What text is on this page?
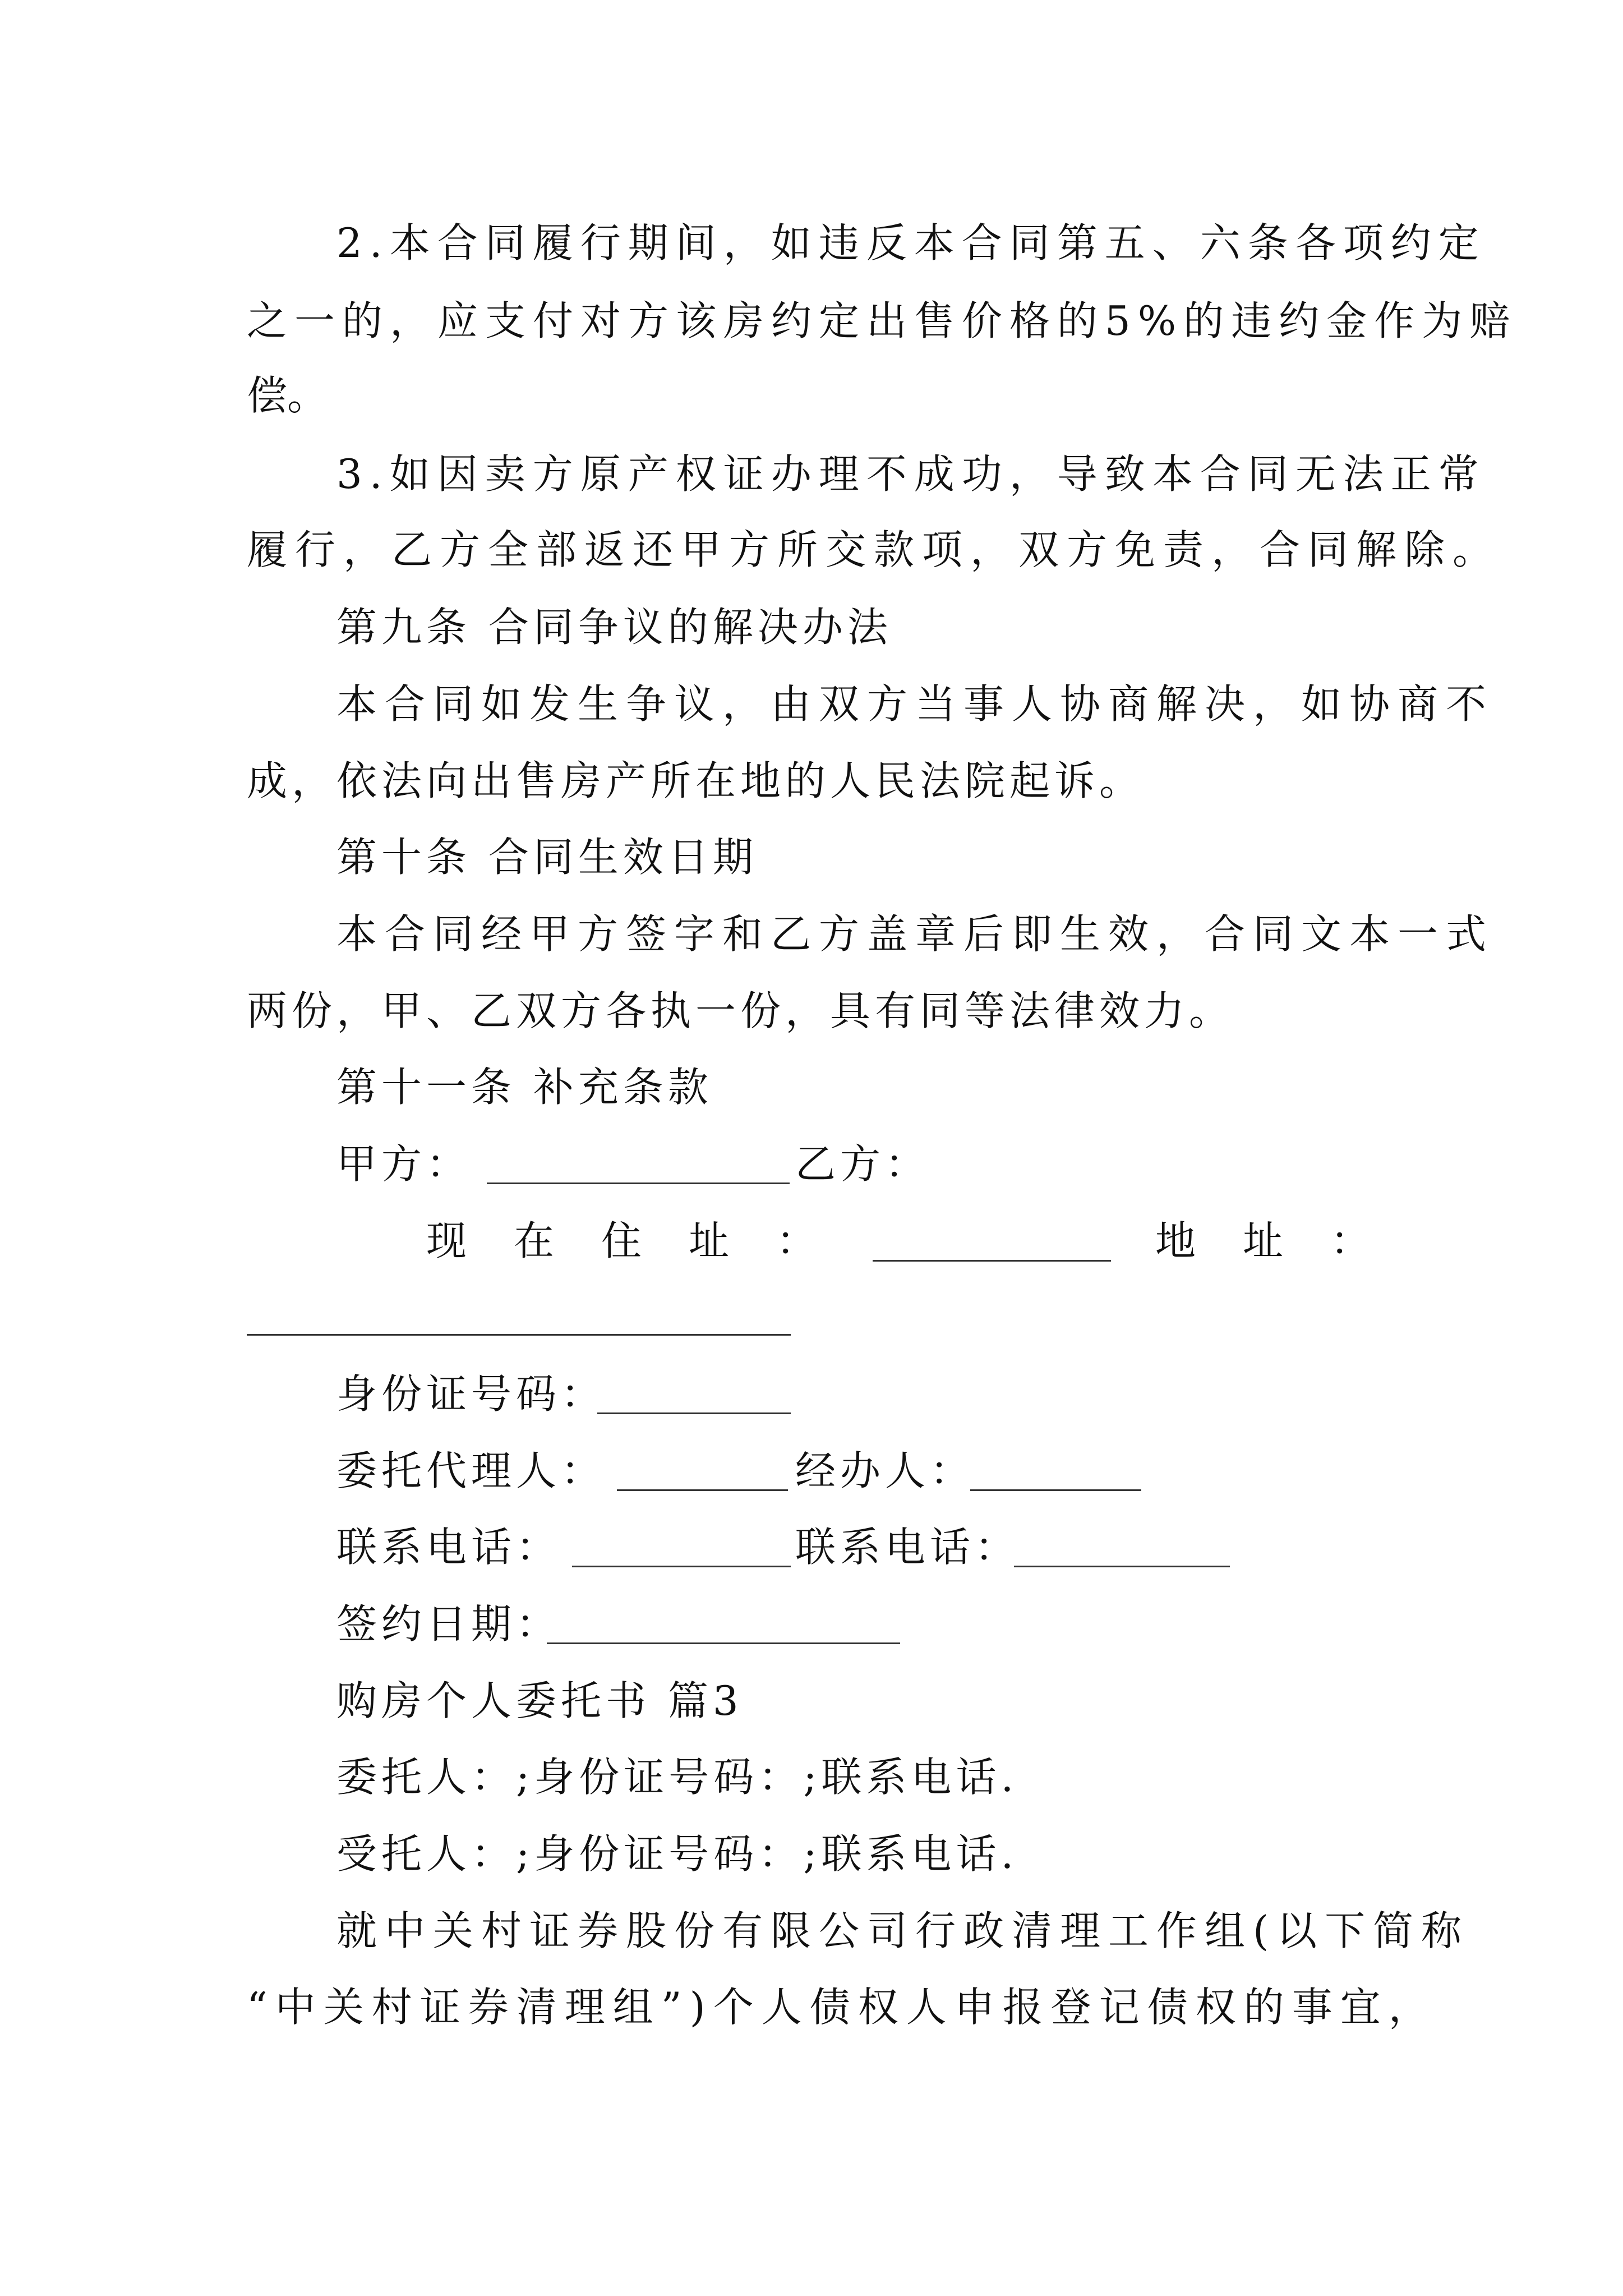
2.本合同履行期间，如违反本合同第五、六条各项约定
之一的，应支付对方该房约定出售价格的5%的违约金作为赔
偿。
3.如因卖方原产权证办理不成功，导致本合同无法正常
履行，乙方全部返还甲方所交款项，双方免责，合同解除。
第九条 合同争议的解决办法
本合同如发生争议，由双方当事人协商解决，如协商不
成，依法向出售房产所在地的人民法院起诉。
第十条 合同生效日期
本合同经甲方签字和乙方盖章后即生效，合同文本一式
两份，甲、乙双方各执一份，具有同等法律效力。
第十一条 补充条款
甲方：	乙方：
现在住址：	地址：
身份证号码：
委托代理人：	经办人：
联系电话：	联系电话：
签约日期：
购房个人委托书 篇3
委托人：;身份证号码：;联系电话.
受托人：;身份证号码：;联系电话.
就中关村证券股份有限公司行政清理工作组(以下简称
“中关村证券清理组”)个人债权人申报登记债权的事宜，
